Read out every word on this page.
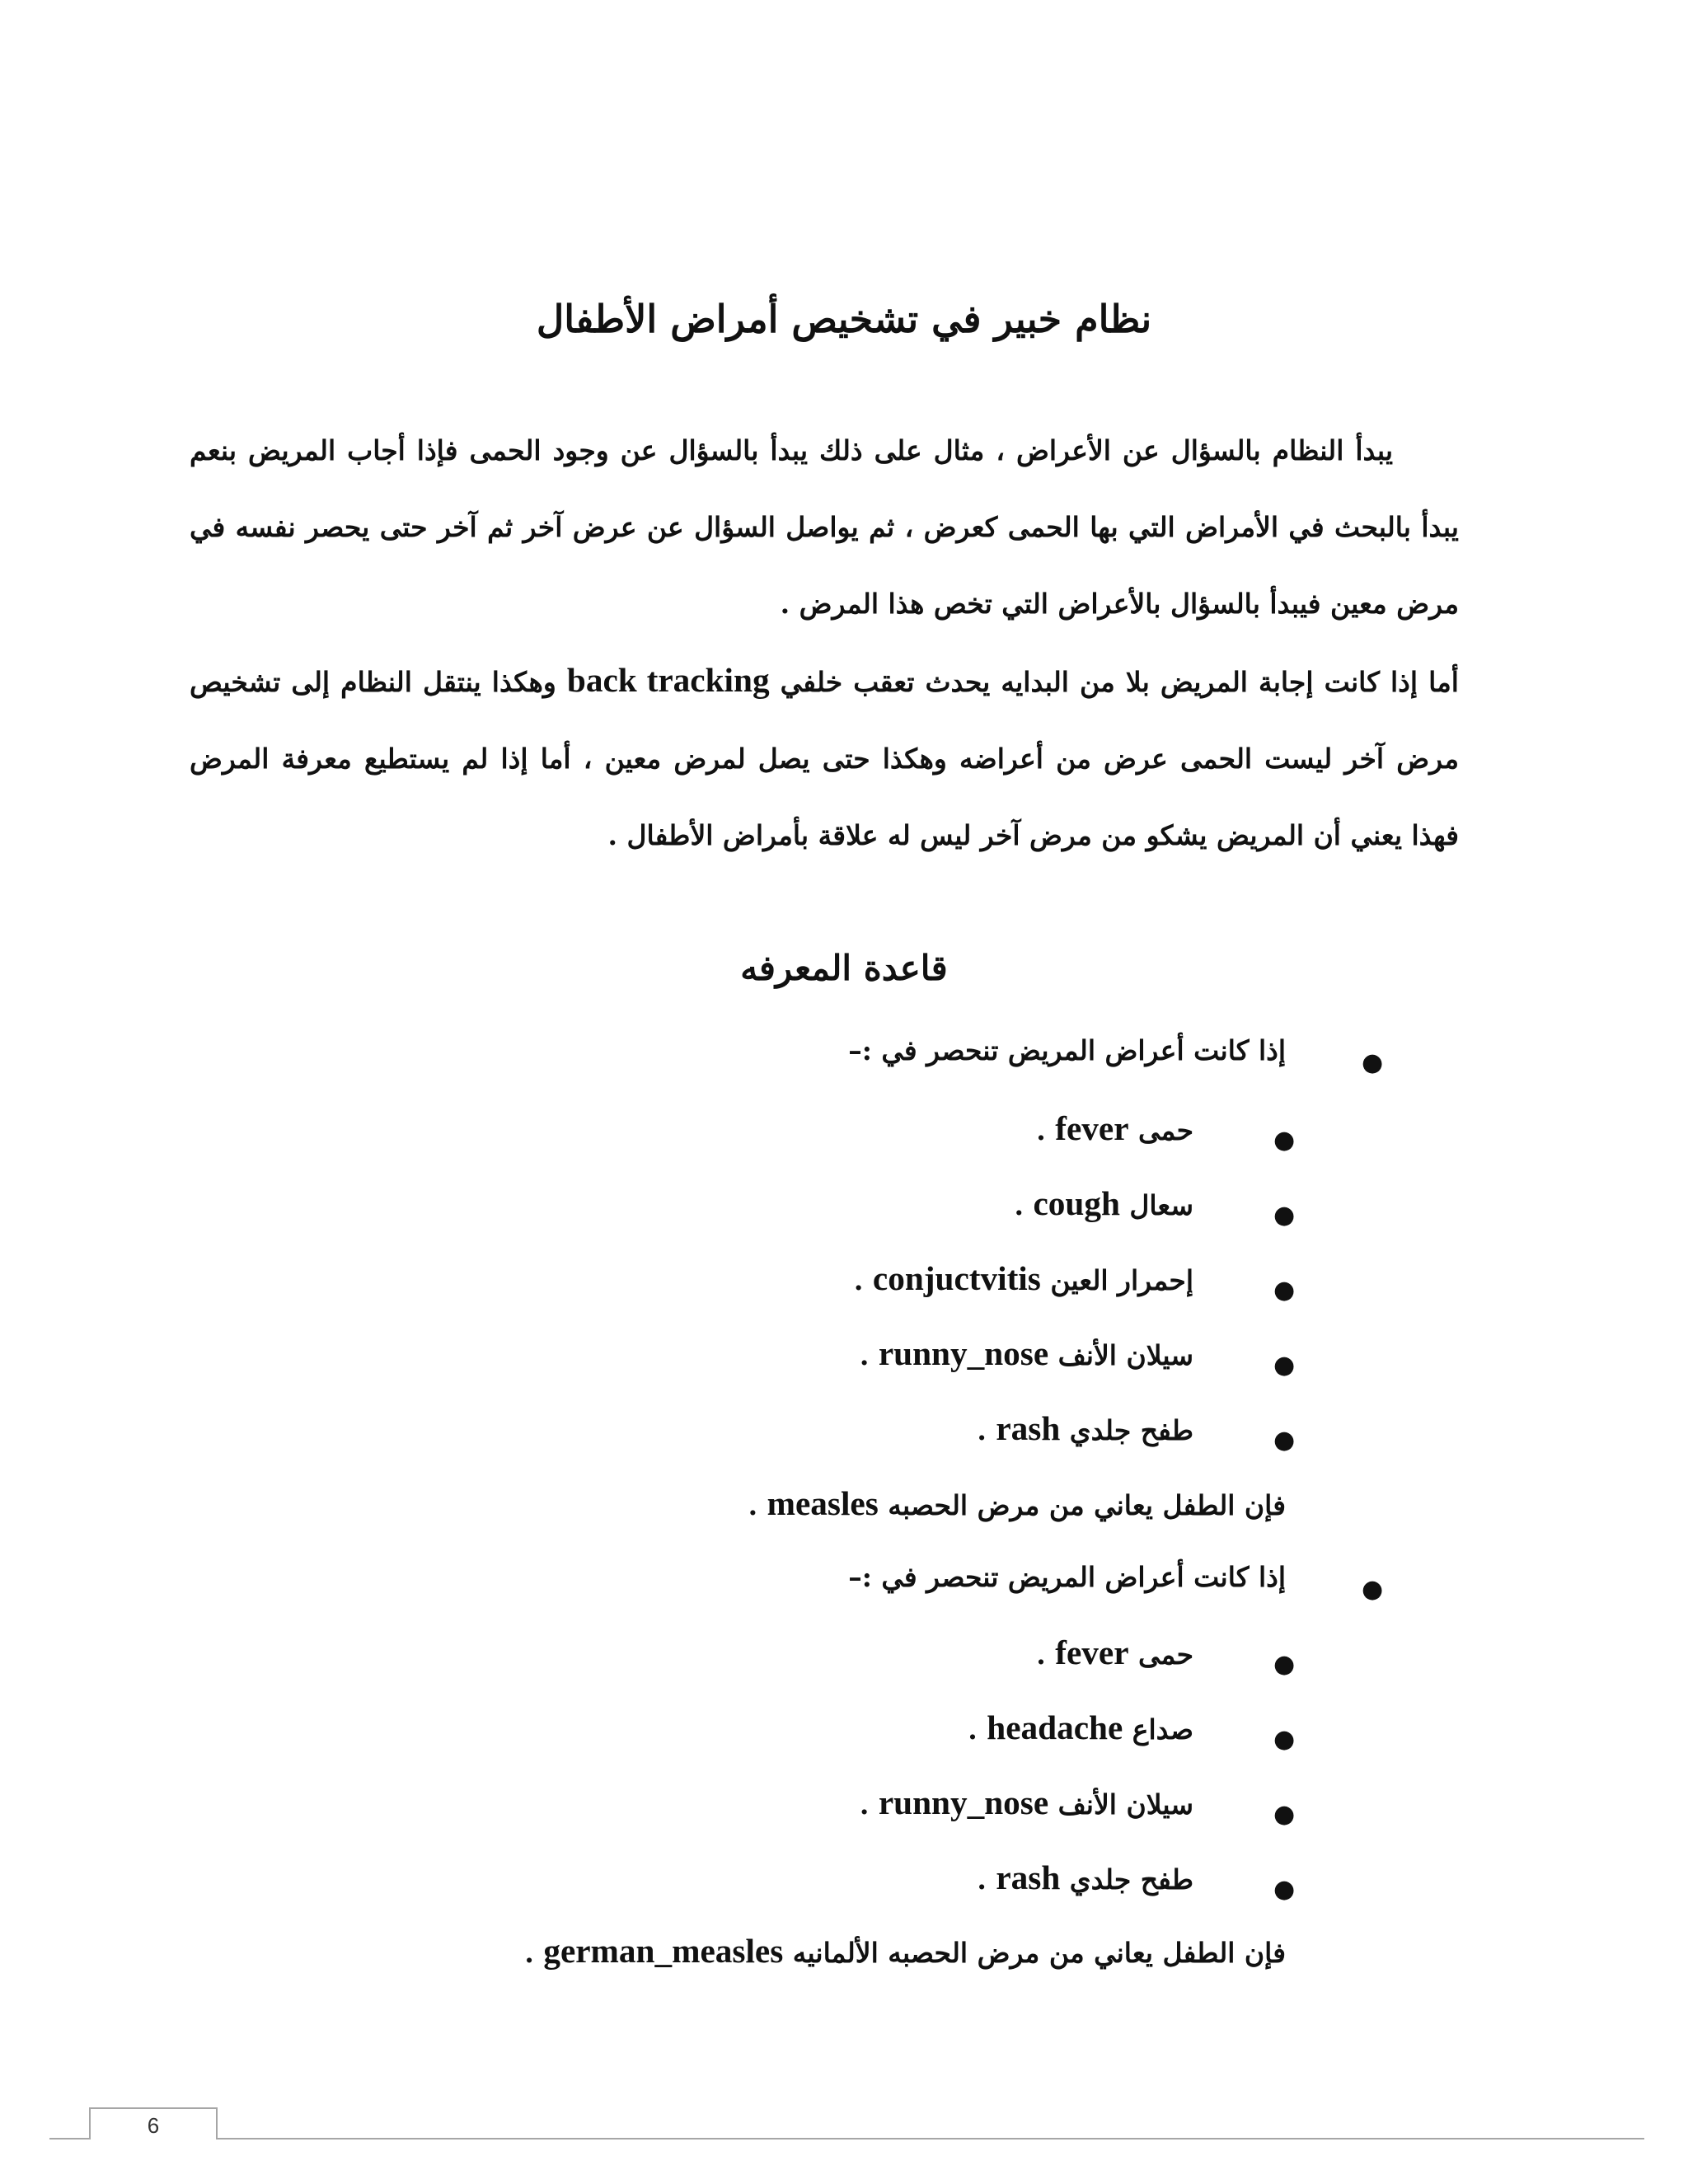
نظام خبير في تشخيص أمراض الأطفال

يبدأ النظام بالسؤال عن الأعراض ، مثال على ذلك يبدأ بالسؤال عن وجود الحمى فإذا أجاب المريض بنعم يبدأ بالبحث في الأمراض التي بها الحمى كعرض ، ثم يواصل السؤال عن عرض آخر ثم آخر حتى يحصر نفسه في مرض معين فيبدأ بالسؤال بالأعراض التي تخص هذا المرض .

أما إذا كانت إجابة المريض بلا من البدايه يحدث تعقب خلفي back tracking وهكذا ينتقل النظام إلى تشخيص مرض آخر ليست الحمى عرض من أعراضه وهكذا حتى يصل لمرض معين ، أما إذا لم يستطيع معرفة المرض فهذا يعني أن المريض يشكو من مرض آخر ليس له علاقة بأمراض الأطفال .

قاعدة المعرفه
●
إذا كانت أعراض المريض تنحصر في :–
●
حمى fever .
●
سعال cough .
●
إحمرار العين conjuctvitis .
●
سيلان الأنف runny_nose .
●
طفح جلدي rash .
فإن الطفل يعاني من مرض الحصبه measles .
●
إذا كانت أعراض المريض تنحصر في :–
●
حمى fever .
●
صداع headache .
●
سيلان الأنف runny_nose .
●
طفح جلدي rash .
فإن الطفل يعاني من مرض الحصبه الألمانيه german_measles .
6
